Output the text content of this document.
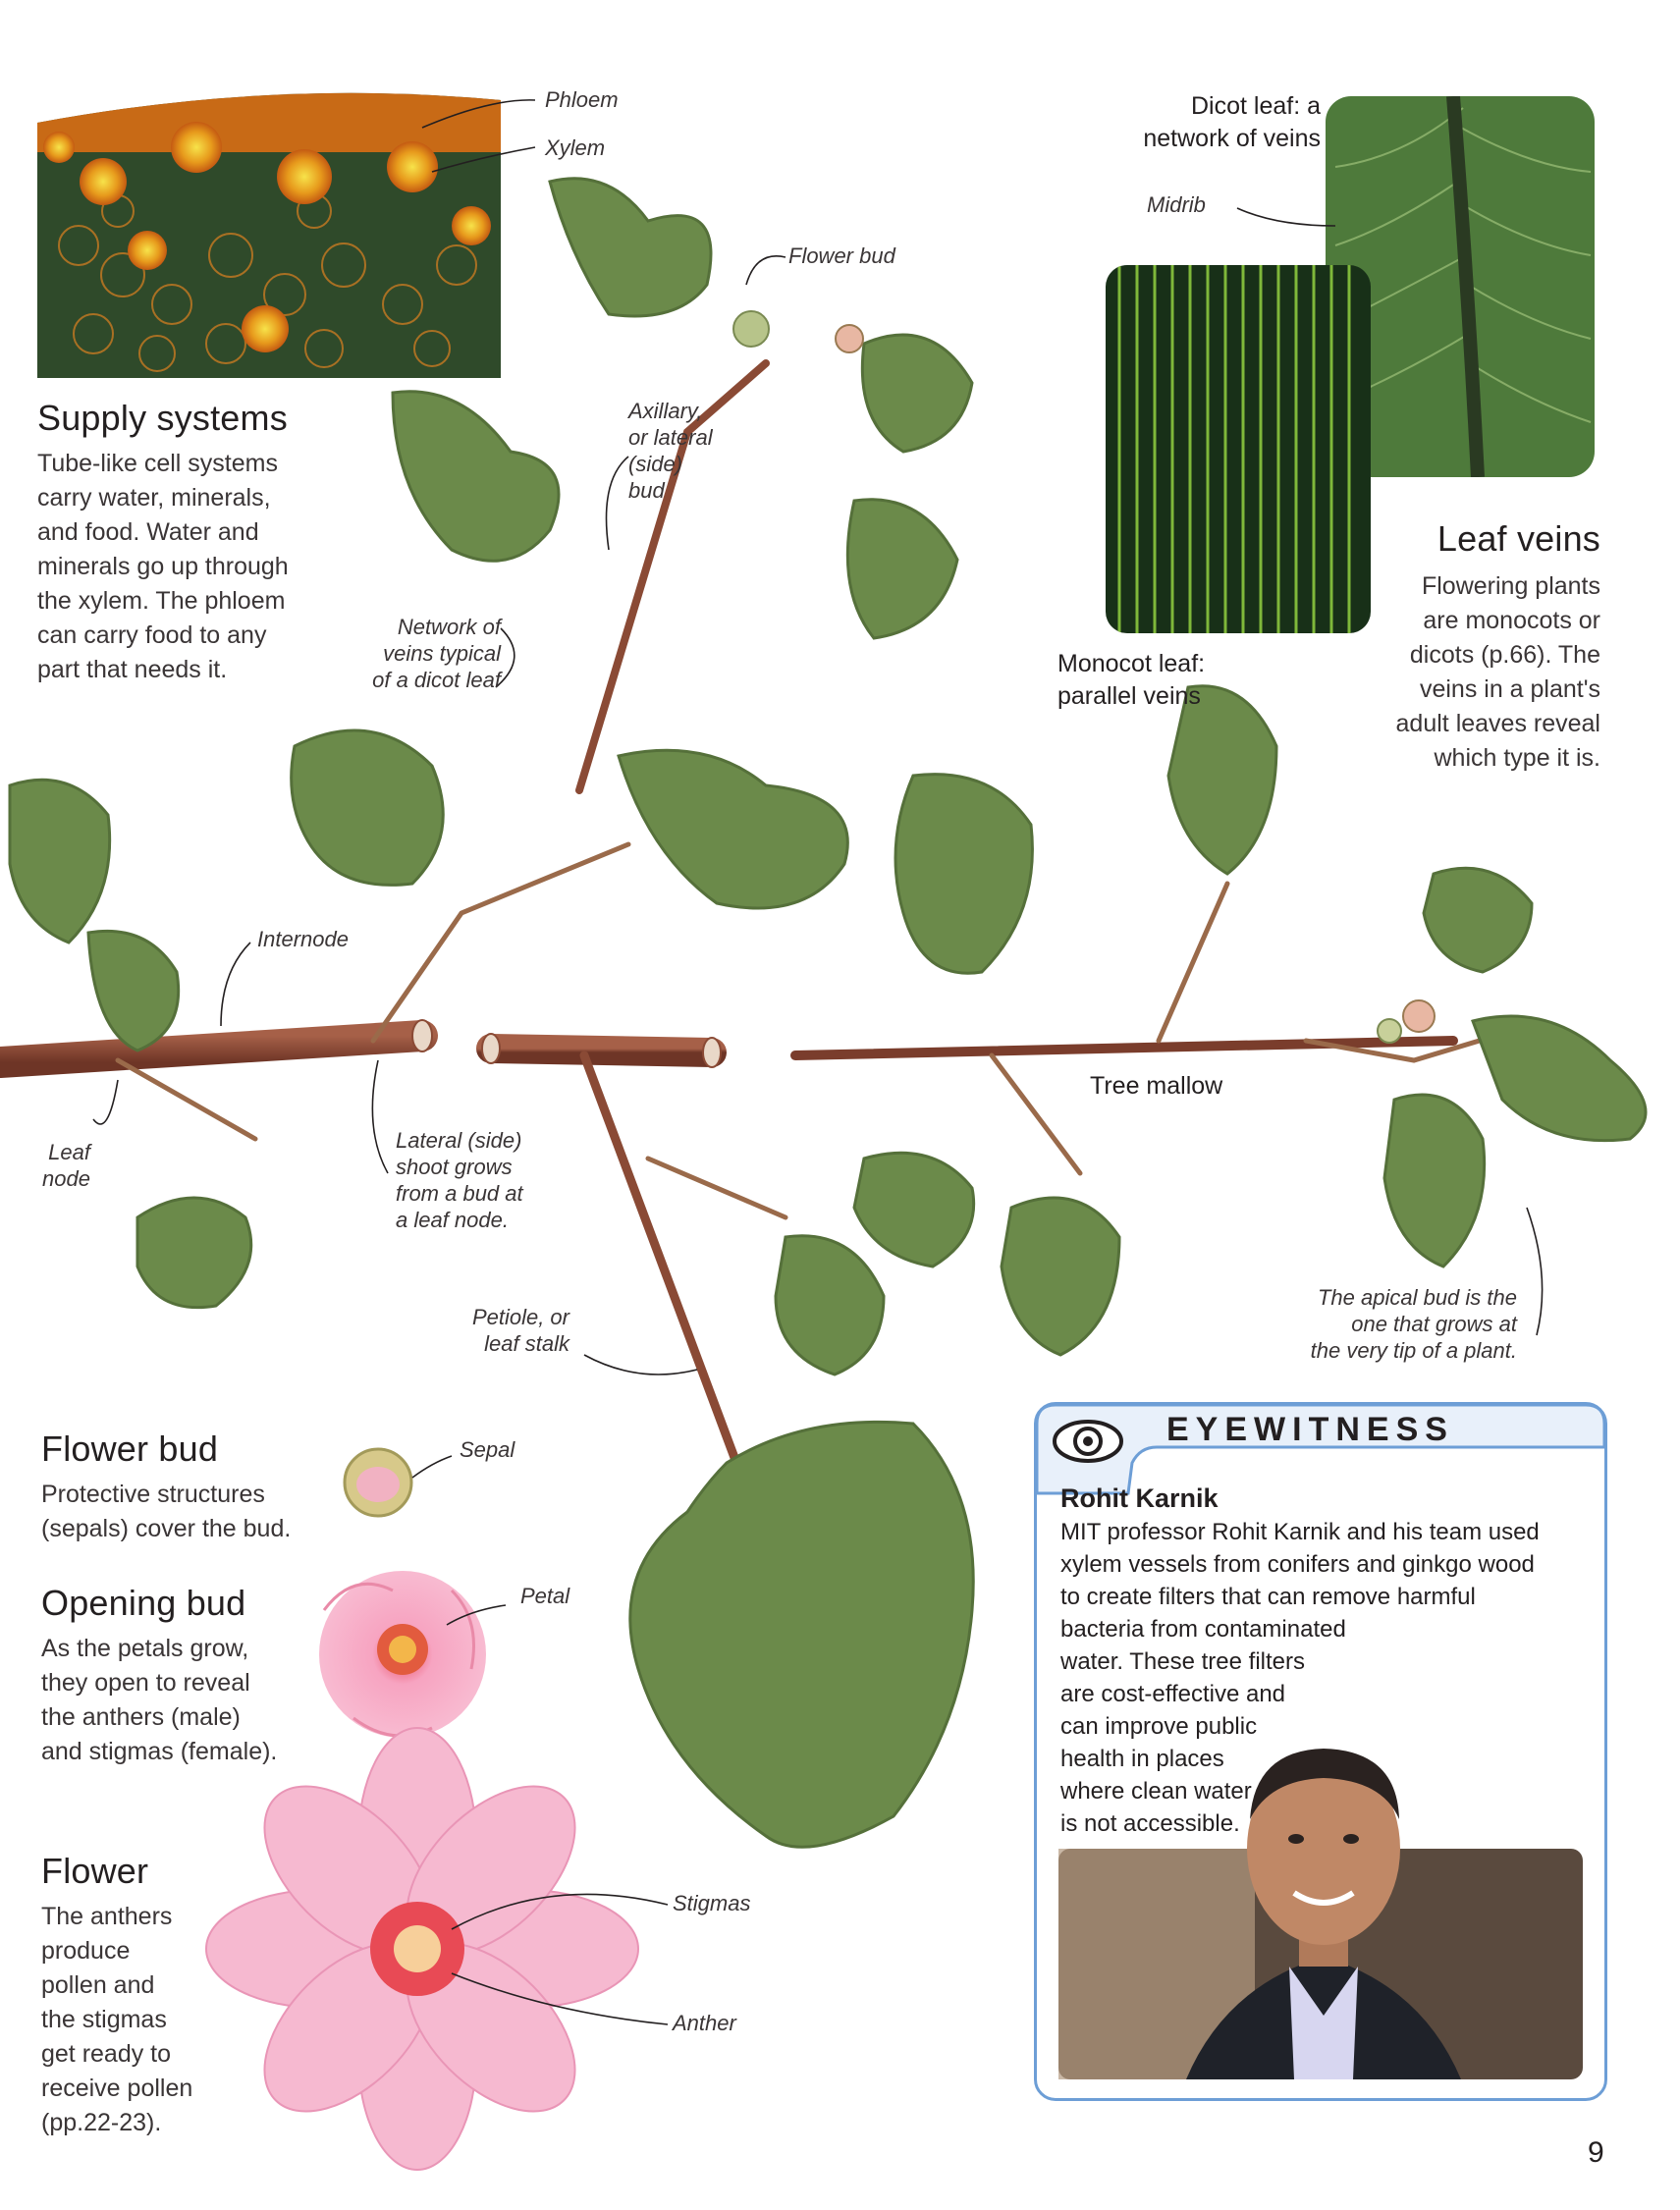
Phloem
Xylem
Supply systems
Tube-like cell systems
carry water, minerals,
and food. Water and
minerals go up through
the xylem. The phloem
can carry food to any
part that needs it.
Dicot leaf: a
network of veins
Midrib
Monocot leaf:
parallel veins
Leaf veins
Flowering plants
are monocots or
dicots (p.66). The
veins in a plant's
adult leaves reveal
which type it is.
Flower bud
Axillary,
or lateral
(side)
bud
Network of
veins typical
of a dicot leaf
Internode
Leaf
node
Lateral (side)
shoot grows
from a bud at
a leaf node.
Petiole, or
leaf stalk
Tree mallow
The apical bud is the
one that grows at
the very tip of a plant.
Flower bud
Protective structures
(sepals) cover the bud.
Sepal
Opening bud
As the petals grow,
they open to reveal
the anthers (male)
and stigmas (female).
Petal
Flower
The anthers
produce
pollen and
the stigmas
get ready to
receive pollen
(pp.22-23).
Stigmas
Anther
EYEWITNESS
Rohit Karnik
MIT professor Rohit Karnik and his team used
xylem vessels from conifers and ginkgo wood
to create filters that can remove harmful
bacteria from contaminated
water. These tree filters
are cost-effective and
can improve public
health in places
where clean water
is not accessible.
9
